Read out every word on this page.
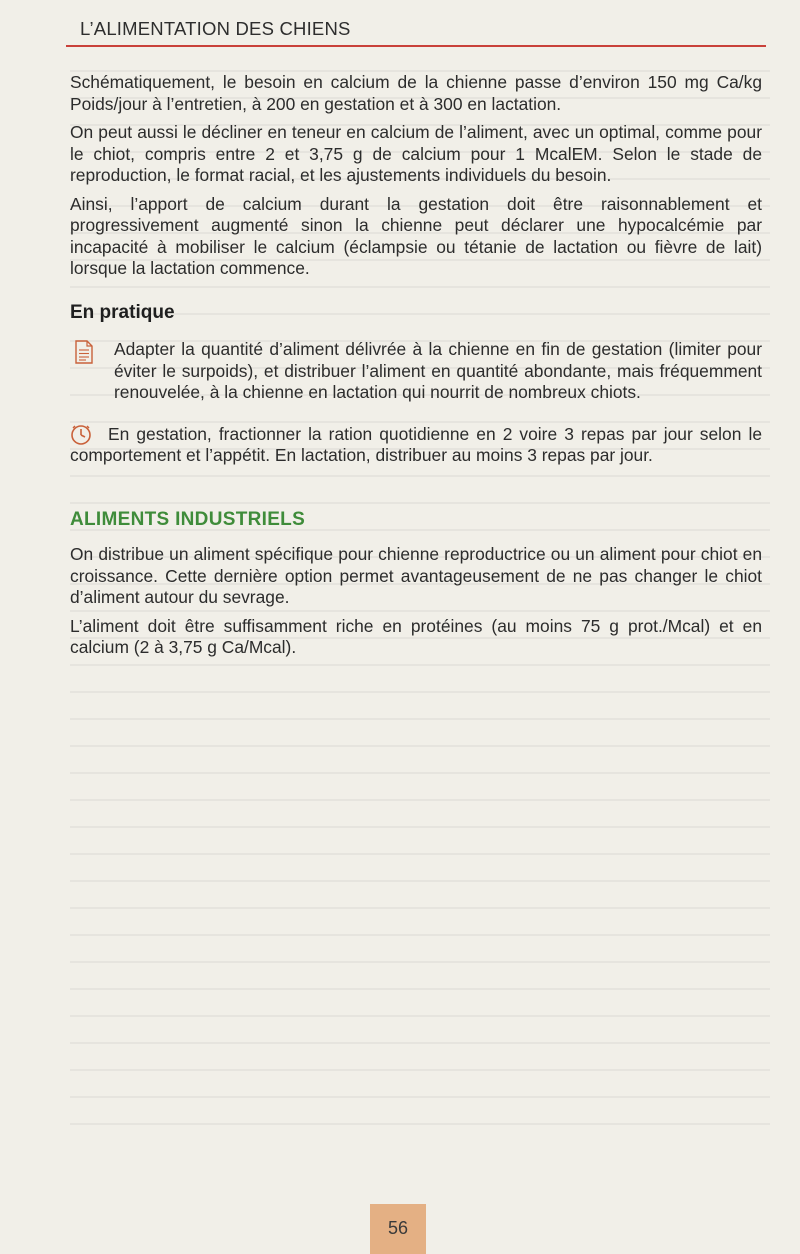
L’ALIMENTATION DES CHIENS

Schématiquement, le besoin en calcium de la chienne passe d’environ 150 mg Ca/kg Poids/jour à l’entretien, à 200 en gestation et à 300 en lactation.

On peut aussi le décliner en teneur en calcium de l’aliment, avec un optimal, comme pour le chiot, compris entre 2 et 3,75 g de calcium pour 1 McalEM. Selon le stade de reproduction, le format racial, et les ajustements individuels du besoin.

Ainsi, l’apport de calcium durant la gestation doit être raisonnablement et progressivement augmenté sinon la chienne peut déclarer une hypocalcémie par incapacité à mobiliser le calcium (éclampsie ou tétanie de lactation ou fièvre de lait) lorsque la lactation commence.

En pratique
Adapter la quantité d’aliment délivrée à la chienne en fin de gestation (limiter pour éviter le surpoids), et distribuer l’aliment en quantité abondante, mais fréquemment renouvelée, à la chienne en lactation qui nourrit de nombreux chiots.
En gestation, fractionner la ration quotidienne en 2 voire 3 repas par jour selon le comportement et l’appétit. En lactation, distribuer au moins 3 repas par jour.
ALIMENTS INDUSTRIELS

On distribue un aliment spécifique pour chienne reproductrice ou un aliment pour chiot en croissance. Cette dernière option permet avantageusement de ne pas changer le chiot d’aliment autour du sevrage.

L’aliment doit être suffisamment riche en protéines (au moins 75 g prot./Mcal) et en calcium (2 à 3,75 g Ca/Mcal).

56
